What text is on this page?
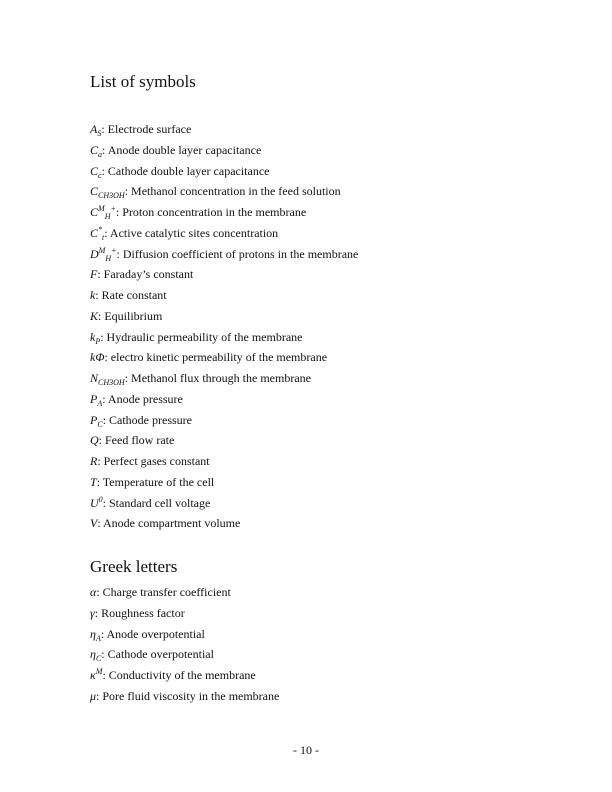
List of symbols
$A_S$: Electrode surface
$C_a$: Anode double layer capacitance
$C_c$: Cathode double layer capacitance
$C_{CH3OH}$: Methanol concentration in the feed solution
$C^M_H^+$: Proton concentration in the membrane
$C^*_t$: Active catalytic sites concentration
$D^M_H^+$: Diffusion coefficient of protons in the membrane
F: Faraday’s constant
k: Rate constant
K: Equilibrium
$k_P$: Hydraulic permeability of the membrane
kΦ: electro kinetic permeability of the membrane
$N_{CH3OH}$: Methanol flux through the membrane
$P_A$: Anode pressure
$P_C$: Cathode pressure
Q: Feed flow rate
R: Perfect gases constant
T: Temperature of the cell
$U^0$: Standard cell voltage
V: Anode compartment volume
Greek letters
α: Charge transfer coefficient
γ: Roughness factor
$\eta_A$: Anode overpotential
$\eta_C$: Cathode overpotential
$\kappa^M$: Conductivity of the membrane
μ: Pore fluid viscosity in the membrane
- 10 -
